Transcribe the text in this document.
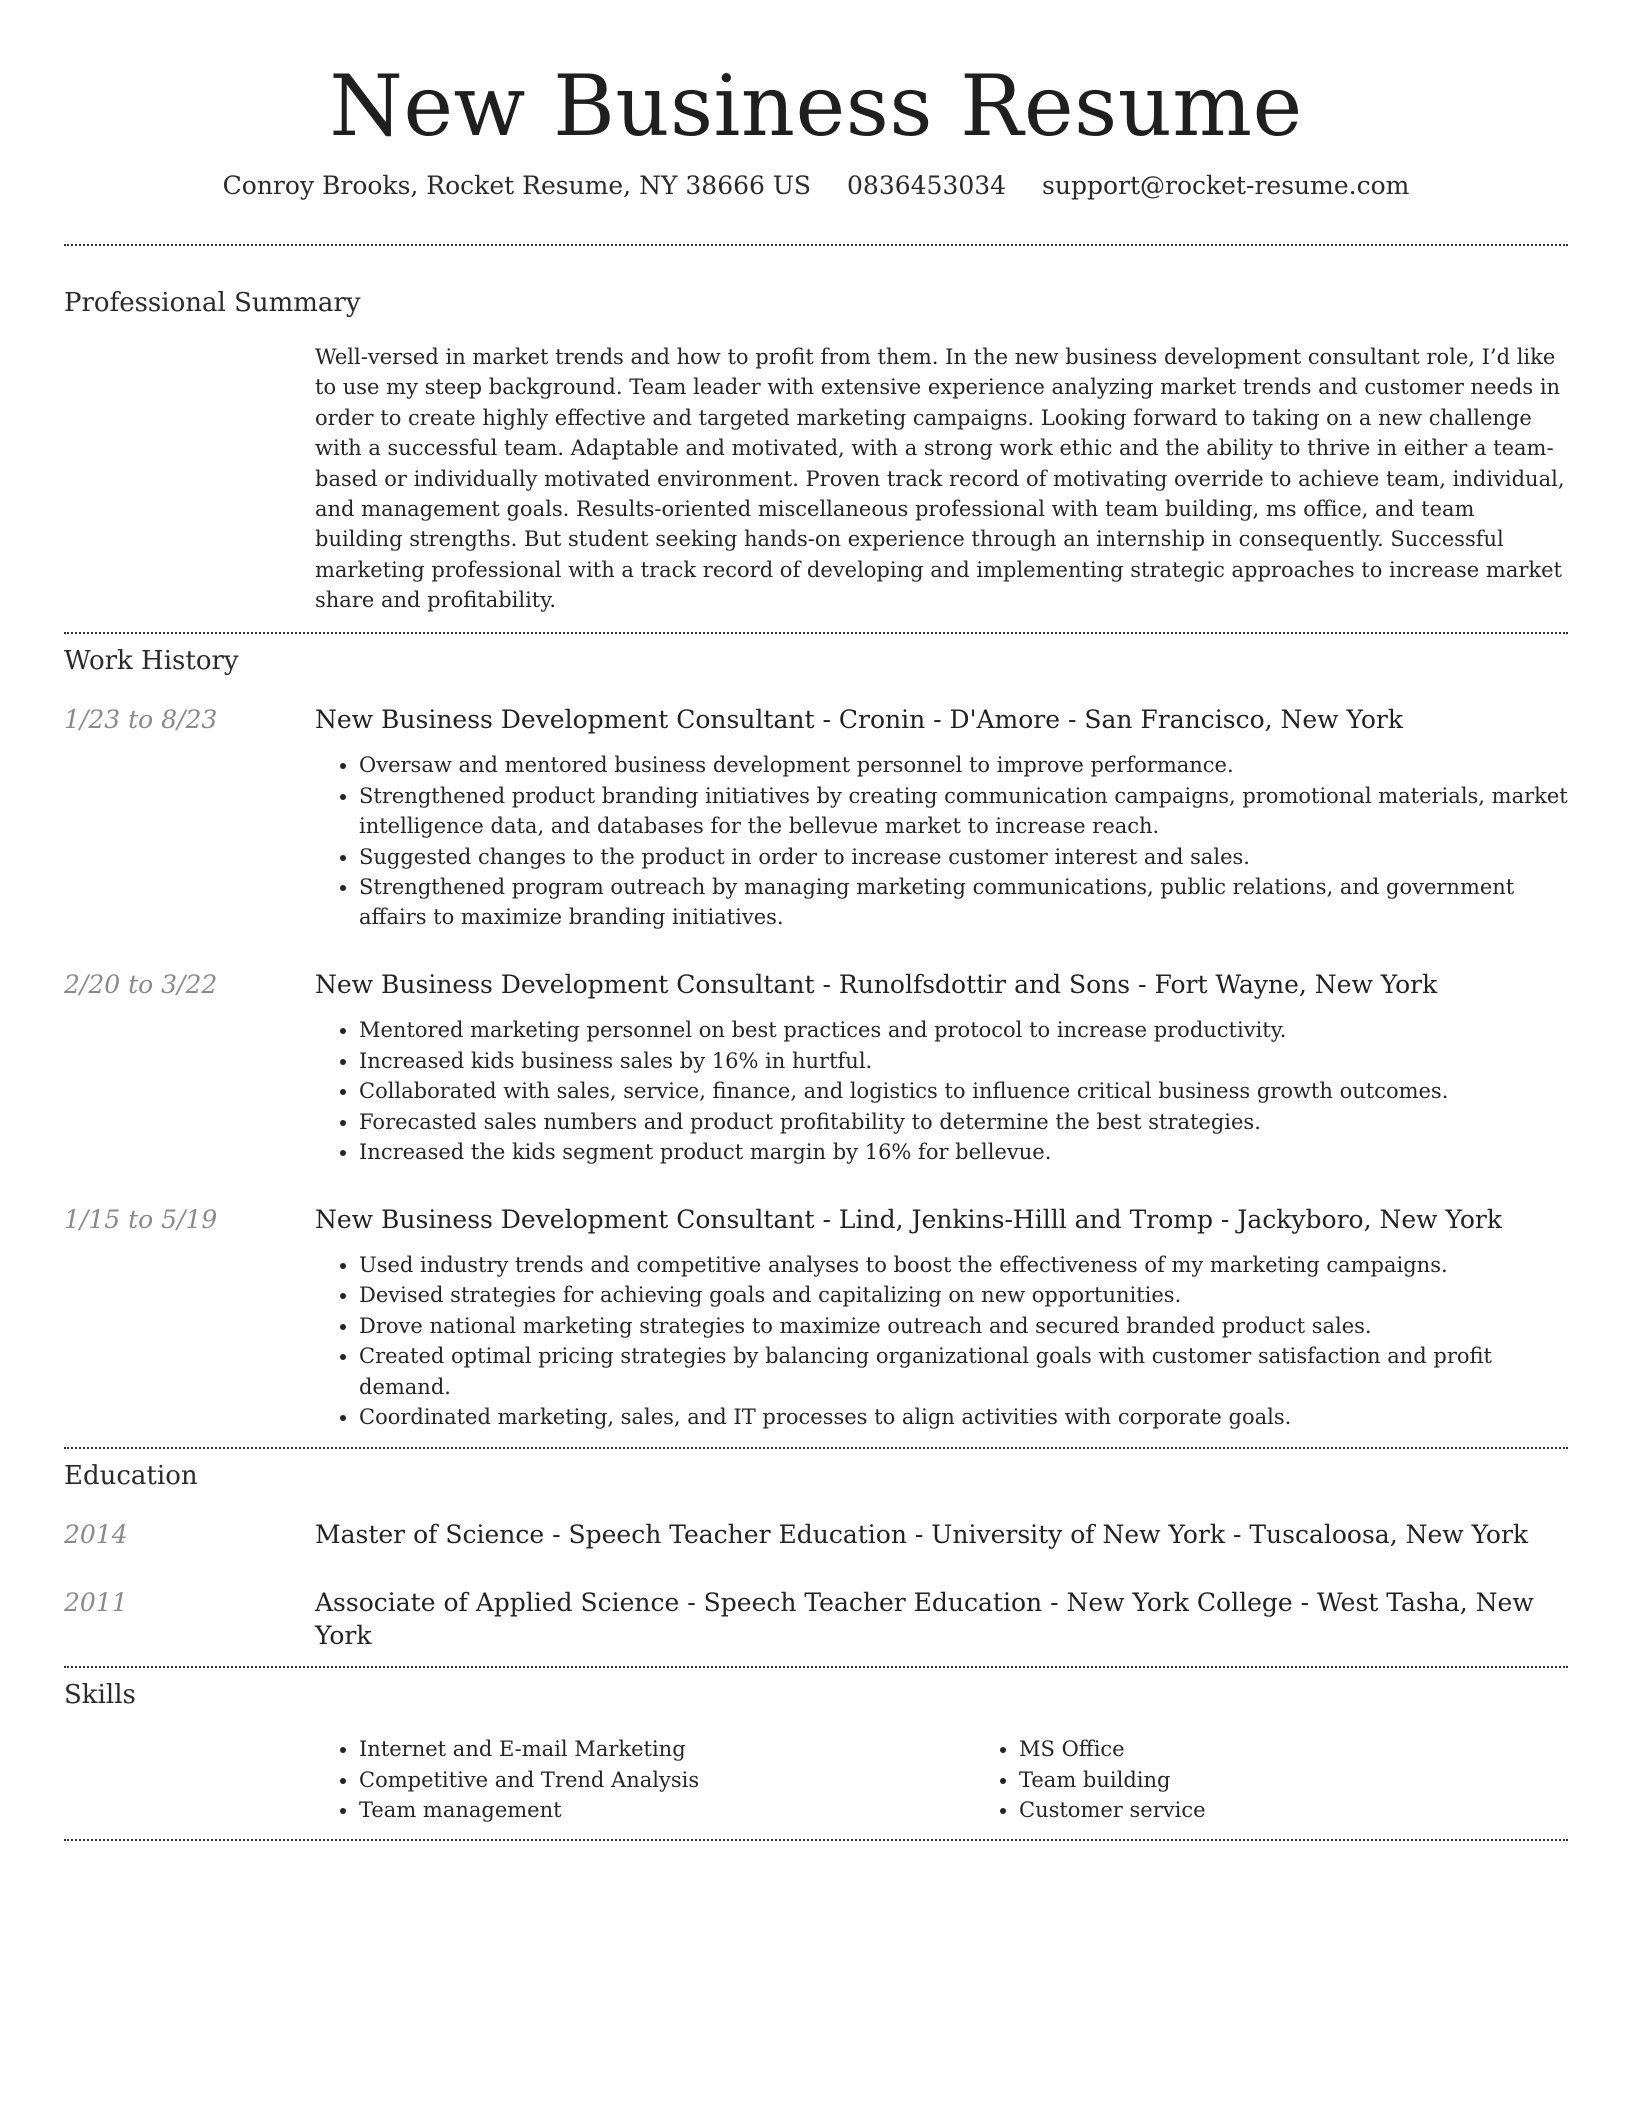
New Business Resume
Conroy Brooks, Rocket Resume, NY 38666 US 0836453034 support@rocket-resume.com
Professional Summary

Well-versed in market trends and how to profit from them. In the new business development consultant role, I’d like to use my steep background. Team leader with extensive experience analyzing market trends and customer needs in order to create highly effective and targeted marketing campaigns. Looking forward to taking on a new challenge with a successful team. Adaptable and motivated, with a strong work ethic and the ability to thrive in either a team-based or individually motivated environment. Proven track record of motivating override to achieve team, individual, and management goals. Results-oriented miscellaneous professional with team building, ms office, and team building strengths. But student seeking hands-on experience through an internship in consequently. Successful marketing professional with a track record of developing and implementing strategic approaches to increase market share and profitability.

Work History
1/23 to 8/23	New Business Development Consultant - Cronin - D'Amore - San Francisco, New York
• Oversaw and mentored business development personnel to improve performance.
• Strengthened product branding initiatives by creating communication campaigns, promotional materials, market intelligence data, and databases for the bellevue market to increase reach.
• Suggested changes to the product in order to increase customer interest and sales.
• Strengthened program outreach by managing marketing communications, public relations, and government affairs to maximize branding initiatives.
2/20 to 3/22	New Business Development Consultant - Runolfsdottir and Sons - Fort Wayne, New York
• Mentored marketing personnel on best practices and protocol to increase productivity.
• Increased kids business sales by 16% in hurtful.
• Collaborated with sales, service, finance, and logistics to influence critical business growth outcomes.
• Forecasted sales numbers and product profitability to determine the best strategies.
• Increased the kids segment product margin by 16% for bellevue.
1/15 to 5/19	New Business Development Consultant - Lind, Jenkins-Hilll and Tromp - Jackyboro, New York
• Used industry trends and competitive analyses to boost the effectiveness of my marketing campaigns.
• Devised strategies for achieving goals and capitalizing on new opportunities.
• Drove national marketing strategies to maximize outreach and secured branded product sales.
• Created optimal pricing strategies by balancing organizational goals with customer satisfaction and profit demand.
• Coordinated marketing, sales, and IT processes to align activities with corporate goals.
Education
2014	Master of Science - Speech Teacher Education - University of New York - Tuscaloosa, New York
2011	Associate of Applied Science - Speech Teacher Education - New York College - West Tasha, New York
Skills
• Internet and E-mail Marketing
• Competitive and Trend Analysis
• Team management
• MS Office
• Team building
• Customer service
